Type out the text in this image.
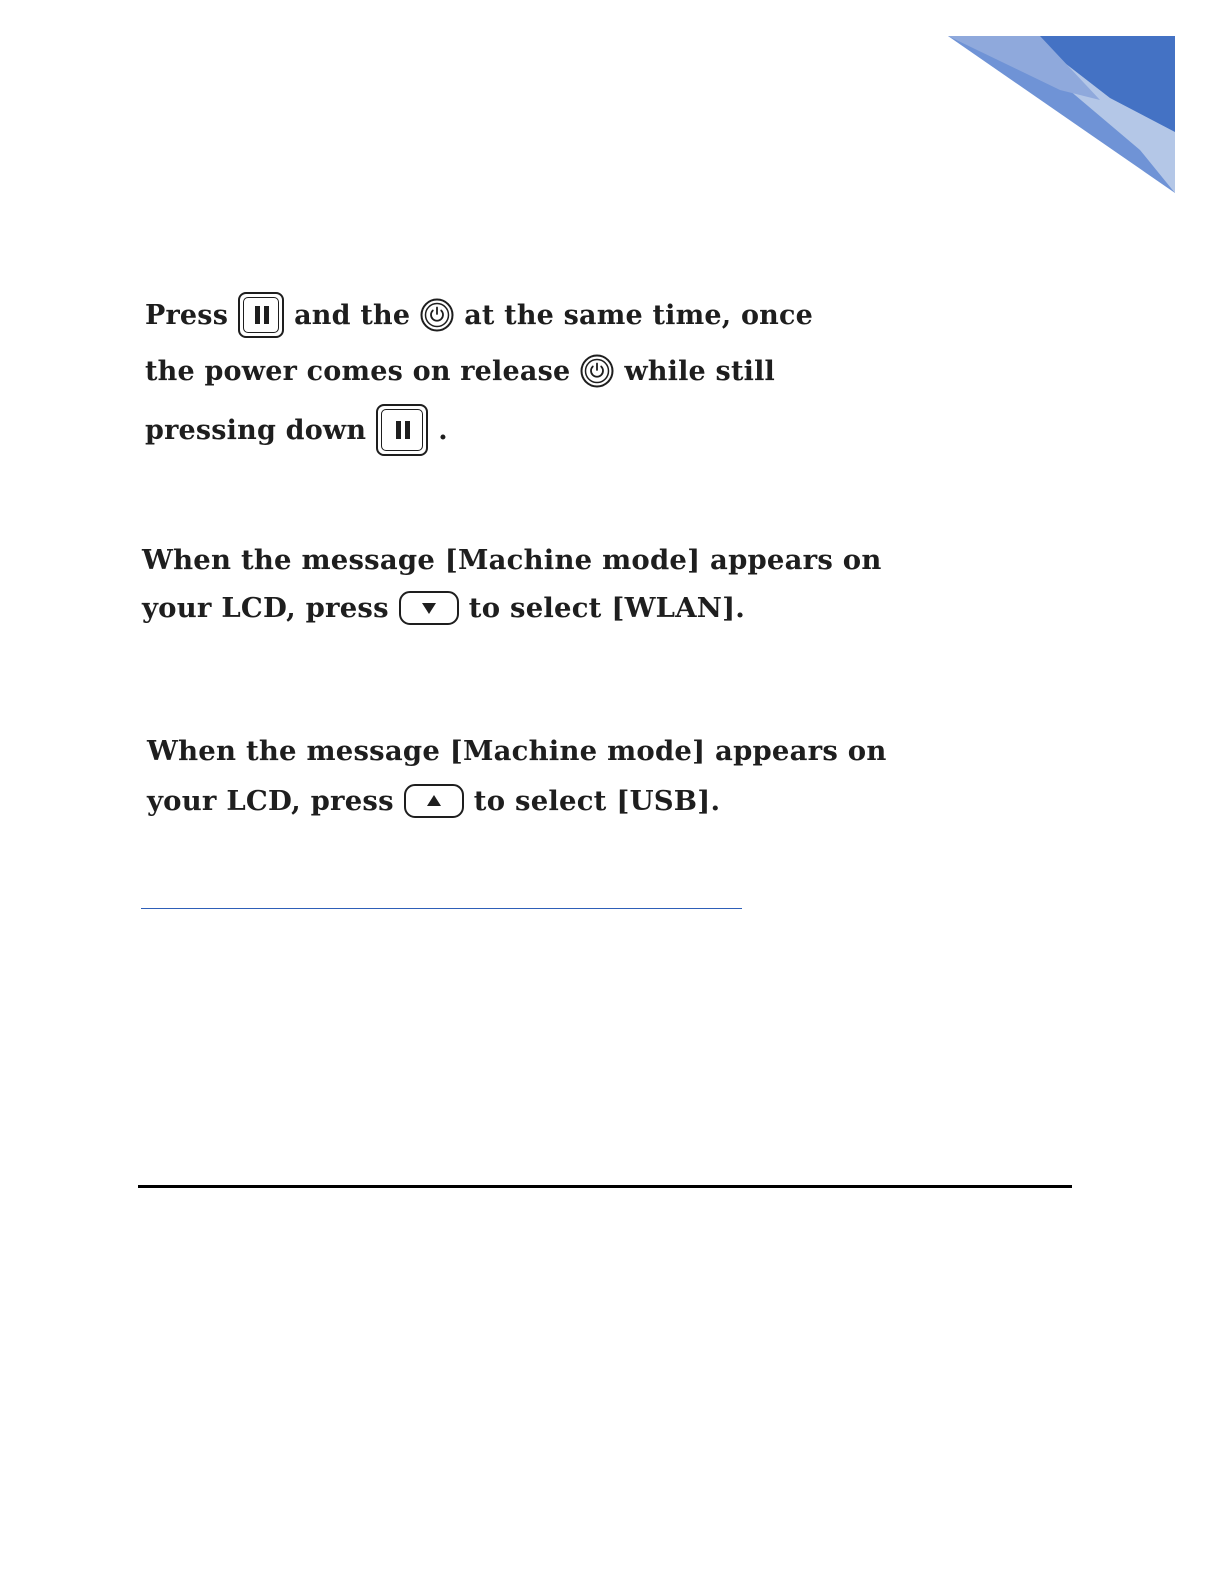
Press and the at the same time, once
the power comes on release while still
pressing down	.
When the message [Machine mode] appears on
your LCD, press	to select [WLAN].
When the message [Machine mode] appears on
your LCD, press	to select [USB].
